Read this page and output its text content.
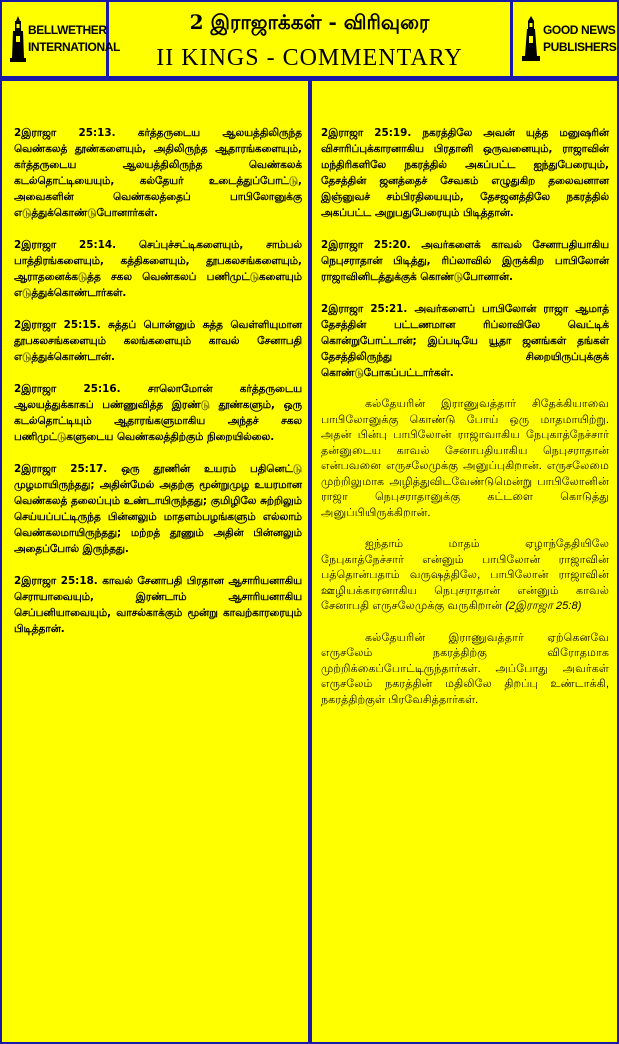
BELLWETHER
INTERNATIONAL
2 இராஜாக்கள் - விரிவுரை
II KINGS - COMMENTARY
GOOD NEWS
PUBLISHERS

2இராஜா 25:13. கர்த்தருடைய ஆலயத்திலிருந்த வெண்கலத் தூண்களையும், அதிலிருந்த ஆதாரங்களையும், கர்த்தருடைய ஆலயத்திலிருந்த வெண்கலக் கடல்தொட்டியையும், கல்தேயர் உடைத்துப்போட்டு, அவைகளின் வெண்கலத்தைப் பாபிலோனுக்கு எடுத்துக்கொண்டுபோனார்கள்.

2இராஜா 25:14. செப்புச்சட்டிகளையும், சாம்பல் பாத்திரங்களையும், கத்திகளையும், தூபகலசங்களையும், ஆராதனைக்கடுத்த சகல வெண்கலப் பணிமுட்டுகளையும் எடுத்துக்கொண்டார்கள்.

2இராஜா 25:15. சுத்தப் பொன்னும் சுத்த வெள்ளியுமான தூபகலசங்களையும் கலங்களையும் காவல் சேனாபதி எடுத்துக்கொண்டான்.

2இராஜா 25:16. சாலொமோன் கர்த்தருடைய ஆலயத்துக்காகப் பண்ணுவித்த இரண்டு தூண்களும், ஒரு கடல்தொட்டியும் ஆதாரங்களுமாகிய அந்தச் சகல பணிமுட்டுகளுடைய வெண்கலத்திற்கும் நிறையில்லை.

2இராஜா 25:17. ஒரு தூணின் உயரம் பதினெட்டு முழமாயிருந்தது; அதின்மேல் அதற்கு மூன்றுமுழ உயரமான வெண்கலத் தலைப்பும் உண்டாயிருந்தது; குமிழிலே சுற்றிலும் செய்யப்பட்டிருந்த பின்னலும் மாதளம்பழங்களும் எல்லாம் வெண்கலமாயிருந்தது; மற்றத் தூணும் அதின் பின்னலும் அதைப்போல் இருந்தது.

2இராஜா 25:18. காவல் சேனாபதி பிரதான ஆசாரியனாகிய செராயாவையும், இரண்டாம் ஆசாரியனாகிய செப்பனியாவையும், வாசல்காக்கும் மூன்று காவற்காரரையும் பிடித்தான்.

2இராஜா 25:19. நகரத்திலே அவன் யுத்த மனுஷரின் விசாரிப்புக்காரனாகிய பிரதானி ஒருவனையும், ராஜாவின் மந்திரிகளிலே நகரத்தில் அகப்பட்ட ஐந்துபேரையும், தேசத்தின் ஜனத்தைச் சேவகம் எழுதுகிற தலைவனான இஞ்னுவச் சம்பிரதியையும், தேசஜனத்திலே நகரத்தில் அகப்பட்ட அறுபதுபேரையும் பிடித்தான்.

2இராஜா 25:20. அவர்களைக் காவல் சேனாபதியாகிய நெபுசராதான் பிடித்து, ரிப்லாவில் இருக்கிற பாபிலோன் ராஜாவினிடத்துக்குக் கொண்டுபோனான்.

2இராஜா 25:21. அவர்களைப் பாபிலோன் ராஜா ஆமாத் தேசத்தின் பட்டணமான ரிப்லாவிலே வெட்டிக் கொன்றுபோட்டான்; இப்படியே யூதா ஜனங்கள் தங்கள் தேசத்திலிருந்து சிறையிருப்புக்குக் கொண்டுபோகப்பட்டார்கள்.

கல்தேயரின் இராணுவத்தார் சிதேக்கியாவை பாபிலோனுக்கு கொண்டு போய் ஒரு மாதமாயிற்று. அதன் பின்பு பாபிலோன் ராஜாவாகிய நேபுகாத்நேச்சார் தன்னுடைய காவல் சேனாபதியாகிய நெபுசராதான் என்பவனை எருசலேமுக்கு அனுப்புகிறான். எருசலேமை முற்றிலுமாக அழித்துவிடவேண்டுமென்று பாபிலோனின் ராஜா நெபுசராதானுக்கு கட்டளை கொடுத்து அனுப்பியிருக்கிறான்.

ஐந்தாம் மாதம் ஏழாந்தேதியிலே நேபுகாத்நேச்சார் என்னும் பாபிலோன் ராஜாவின் பத்தொன்பதாம் வருஷத்திலே, பாபிலோன் ராஜாவின் ஊழியக்காரனாகிய நெபுசராதான் என்னும் காவல் சேனாபதி எருசலேமுக்கு வருகிறான் (2இராஜா 25:8)

கல்தேயரின் இராணுவத்தார் ஏற்கெனவே எருசலேம் நகரத்திற்கு விரோதமாக முற்றிக்கைப்போட்டிருந்தார்கள். அப்போது அவர்கள் எருசலேம் நகரத்தின் மதிலிலே திறப்பு உண்டாக்கி, நகரத்திற்குள் பிரவேசித்தார்கள்.
